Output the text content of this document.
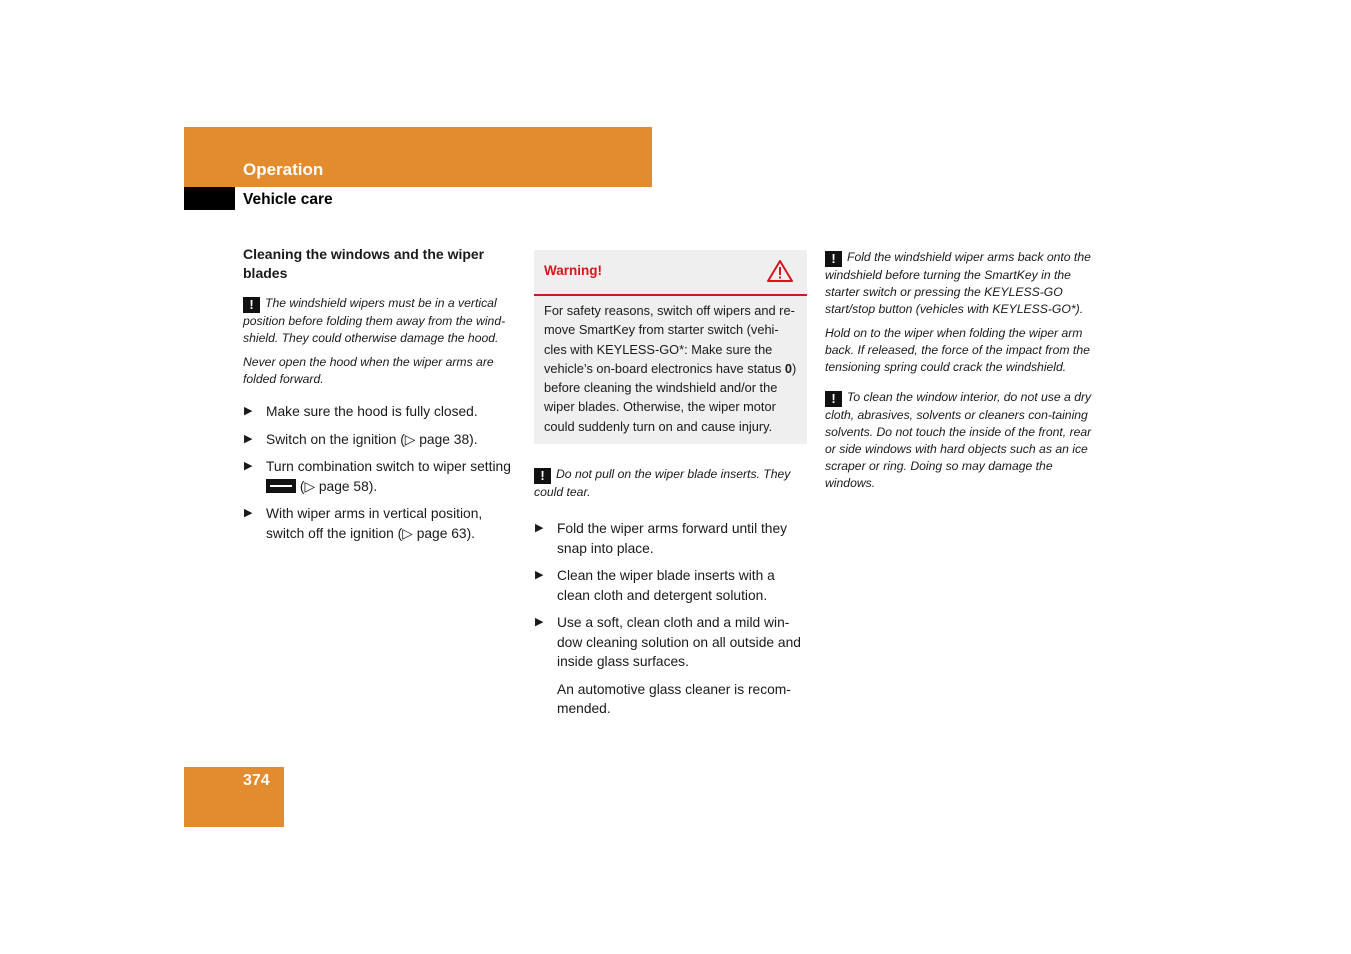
Operation
Vehicle care

Cleaning the windows and the wiper blades

! The windshield wipers must be in a vertical position before folding them away from the wind-shield. They could otherwise damage the hood.

Never open the hood when the wiper arms are folded forward.

▶ Make sure the hood is fully closed.
▶ Switch on the ignition (▷ page 38).
▶ Turn combination switch to wiper setting  (▷ page 58).
▶ With wiper arms in vertical position, switch off the ignition (▷ page 63).
Warning!
For safety reasons, switch off wipers and re-move SmartKey from starter switch (vehi-cles with KEYLESS-GO*: Make sure the vehicle’s on-board electronics have status 0) before cleaning the windshield and/or the wiper blades. Otherwise, the wiper motor could suddenly turn on and cause injury.

! Do not pull on the wiper blade inserts. They could tear.

▶ Fold the wiper arms forward until they snap into place.
▶ Clean the wiper blade inserts with a clean cloth and detergent solution.
▶ Use a soft, clean cloth and a mild win-dow cleaning solution on all outside and inside glass surfaces.

An automotive glass cleaner is recom-mended.

! Fold the windshield wiper arms back onto the windshield before turning the SmartKey in the starter switch or pressing the KEYLESS-GO start/stop button (vehicles with KEYLESS-GO*).

Hold on to the wiper when folding the wiper arm back. If released, the force of the impact from the tensioning spring could crack the windshield.

! To clean the window interior, do not use a dry cloth, abrasives, solvents or cleaners con-taining solvents. Do not touch the inside of the front, rear or side windows with hard objects such as an ice scraper or ring. Doing so may damage the windows.

374
